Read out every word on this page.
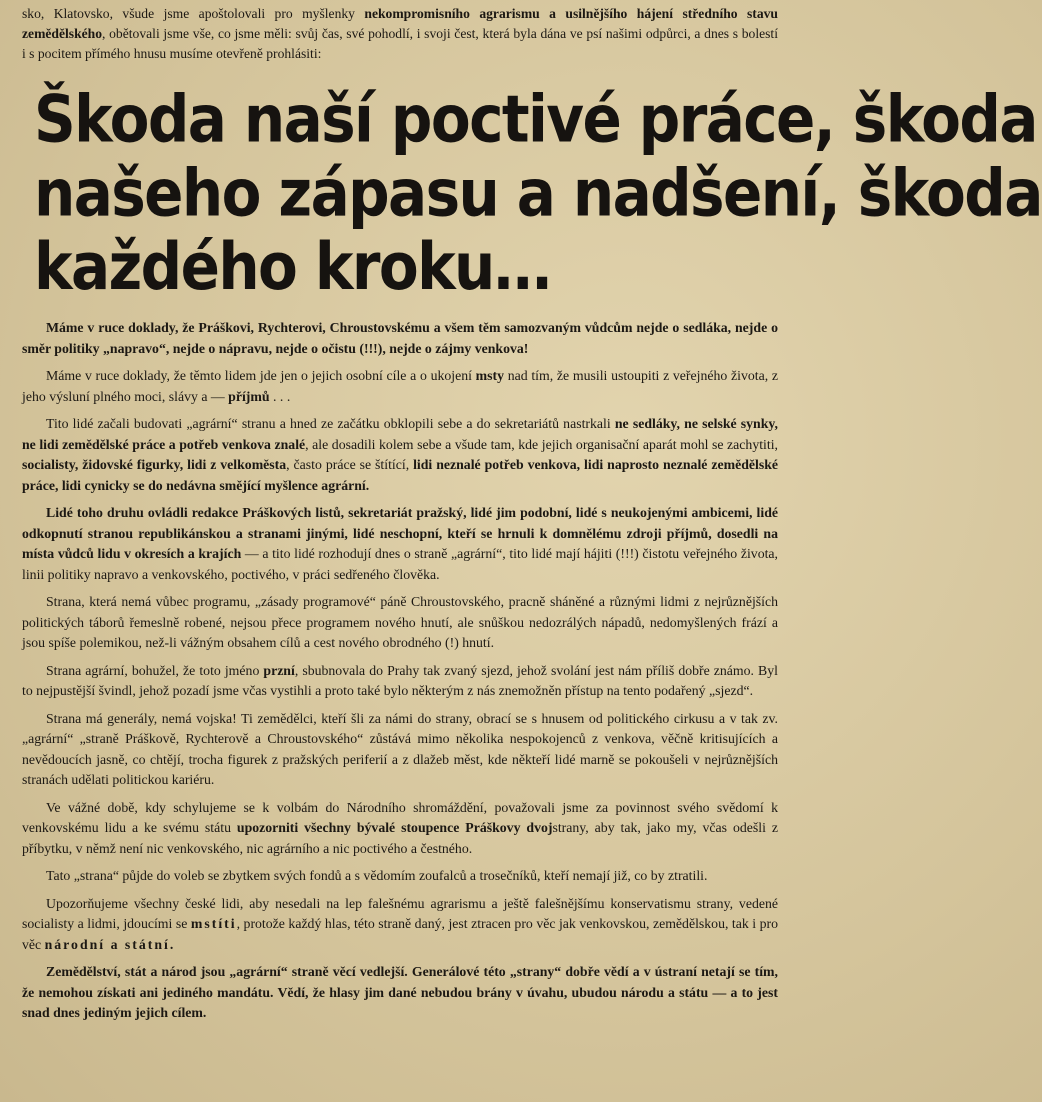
sko, Klatovsko, všude jsme apoštolovali pro myšlenky nekompromisního agrarismu a usilnějšího hájení středního stavu zemědělského, obětovali jsme vše, co jsme měli: svůj čas, své pohodlí, i svoji čest, která byla dána ve psí našimi odpůrci, a dnes s bolestí i s pocitem přímého hnusu musíme otevřeně prohlásiti:

Škoda naší poctivé práce, škoda
našeho zápasu a nadšení, škoda
každého kroku…

Máme v ruce doklady, že Práškovi, Rychterovi, Chroustovskému a všem těm samozvaným vůdcům nejde o sedláka, nejde o směr politiky „napravo“, nejde o nápravu, nejde o očistu (!!!), nejde o zájmy venkova!

Máme v ruce doklady, že těmto lidem jde jen o jejich osobní cíle a o ukojení msty nad tím, že musili ustoupiti z veřejného života, z jeho výsluní plného moci, slávy a — příjmů . . .

Tito lidé začali budovati „agrární“ stranu a hned ze začátku obklopili sebe a do sekretariátů nastrkali ne sedláky, ne selské synky, ne lidi zemědělské práce a potřeb venkova znalé, ale dosadili kolem sebe a všude tam, kde jejich organisační aparát mohl se zachytiti, socialisty, židovské figurky, lidi z velkoměsta, často práce se štítící, lidi neznalé potřeb venkova, lidi naprosto neznalé zemědělské práce, lidi cynicky se do nedávna smějící myšlence agrární.

Lidé toho druhu ovládli redakce Práškových listů, sekretariát pražský, lidé jim podobní, lidé s neukojenými ambicemi, lidé odkopnutí stranou republikánskou a stranami jinými, lidé neschopní, kteří se hrnuli k domnělému zdroji příjmů, dosedli na místa vůdců lidu v okresích a krajích — a tito lidé rozhodují dnes o straně „agrární“, tito lidé mají hájiti (!!!) čistotu veřejného života, linii politiky napravo a venkovského, poctivého, v práci sedřeného člověka.

Strana, která nemá vůbec programu, „zásady programové“ páně Chroustovského, pracně sháněné a různými lidmi z nejrůznějších politických táborů řemeslně robené, nejsou přece programem nového hnutí, ale snůškou nedozrálých nápadů, nedomyšlených frází a jsou spíše polemikou, než-li vážným obsahem cílů a cest nového obrodného (!) hnutí.

Strana agrární, bohužel, že toto jméno przní, sbubnovala do Prahy tak zvaný sjezd, jehož svolání jest nám příliš dobře známo. Byl to nejpustější švindl, jehož pozadí jsme včas vystihli a proto také bylo některým z nás znemožněn přístup na tento podařený „sjezd“.

Strana má generály, nemá vojska! Ti zemědělci, kteří šli za námi do strany, obrací se s hnusem od politického cirkusu a v tak zv. „agrární“ „straně Práškově, Rychterově a Chroustovského“ zůstává mimo několika nespokojenců z venkova, věčně kritisujících a nevědoucích jasně, co chtějí, trocha figurek z pražských periferií a z dlažeb měst, kde někteří lidé marně se pokoušeli v nejrůznějších stranách udělati politickou kariéru.

Ve vážné době, kdy schylujeme se k volbám do Národního shromáždění, považovali jsme za povinnost svého svědomí k venkovskému lidu a ke svému státu upozorniti všechny bývalé stoupence Práškovy dvojstrany, aby tak, jako my, včas odešli z příbytku, v němž není nic venkovského, nic agrárního a nic poctivého a čestného.

Tato „strana“ půjde do voleb se zbytkem svých fondů a s vědomím zoufalců a trosečníků, kteří nemají již, co by ztratili.

Upozorňujeme všechny české lidi, aby nesedali na lep falešnému agrarismu a ještě falešnějšímu konservatismu strany, vedené socialisty a lidmi, jdoucími se mstíti, protože každý hlas, této straně daný, jest ztracen pro věc jak venkovskou, zemědělskou, tak i pro věc národní a státní.

Zemědělství, stát a národ jsou „agrární“ straně věcí vedlejší. Generálové této „strany“ dobře vědí a v ústraní netají se tím, že nemohou získati ani jediného mandátu. Vědí, že hlasy jim dané nebudou brány v úvahu, ubudou národu a státu — a to jest snad dnes jediným jejich cílem.
